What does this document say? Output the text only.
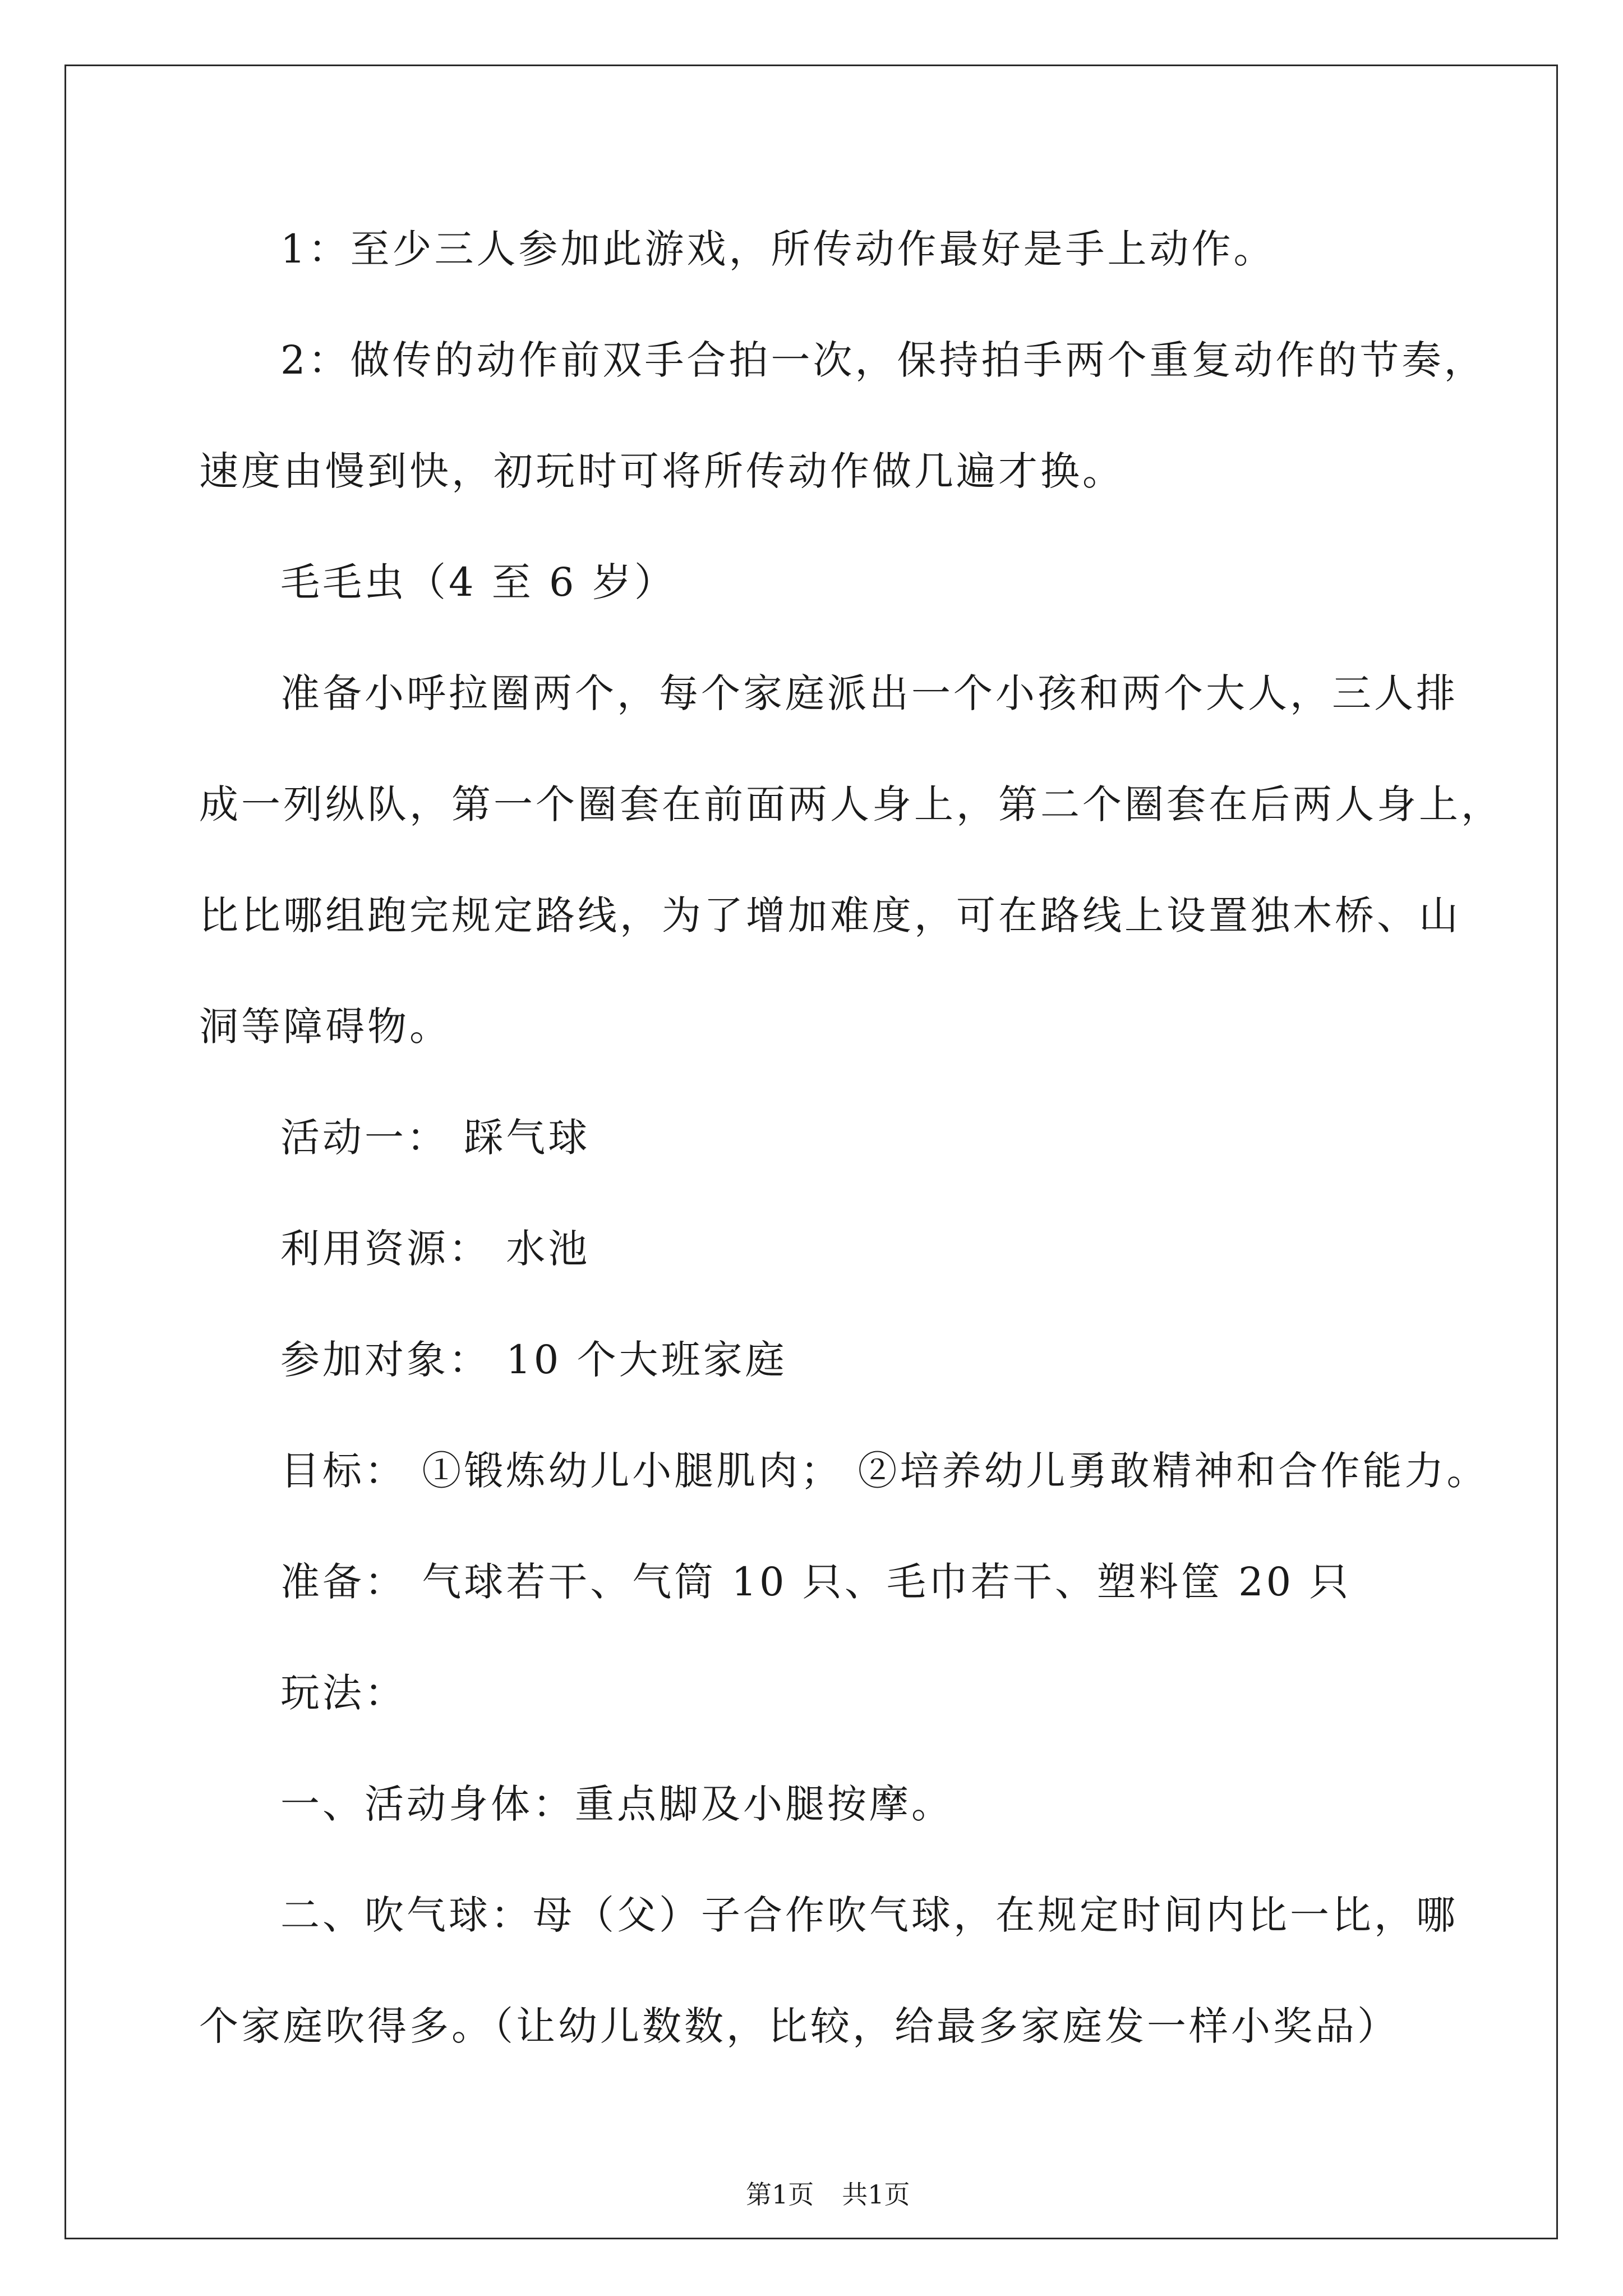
1：至少三人参加此游戏，所传动作最好是手上动作。
2：做传的动作前双手合拍一次，保持拍手两个重复动作的节奏，
速度由慢到快，初玩时可将所传动作做几遍才换。
毛毛虫（4 至 6 岁）
准备小呼拉圈两个，每个家庭派出一个小孩和两个大人，三人排
成一列纵队，第一个圈套在前面两人身上，第二个圈套在后两人身上，
比比哪组跑完规定路线，为了增加难度，可在路线上设置独木桥、山
洞等障碍物。
活动一： 踩气球
利用资源： 水池
参加对象： 10 个大班家庭
目标： ①锻炼幼儿小腿肌肉； ②培养幼儿勇敢精神和合作能力。
准备： 气球若干、气筒 10 只、毛巾若干、塑料筐 20 只
玩法：
一、活动身体：重点脚及小腿按摩。
二、吹气球：母（父）子合作吹气球，在规定时间内比一比，哪
个家庭吹得多。（让幼儿数数，比较，给最多家庭发一样小奖品）

第1页 共1页
